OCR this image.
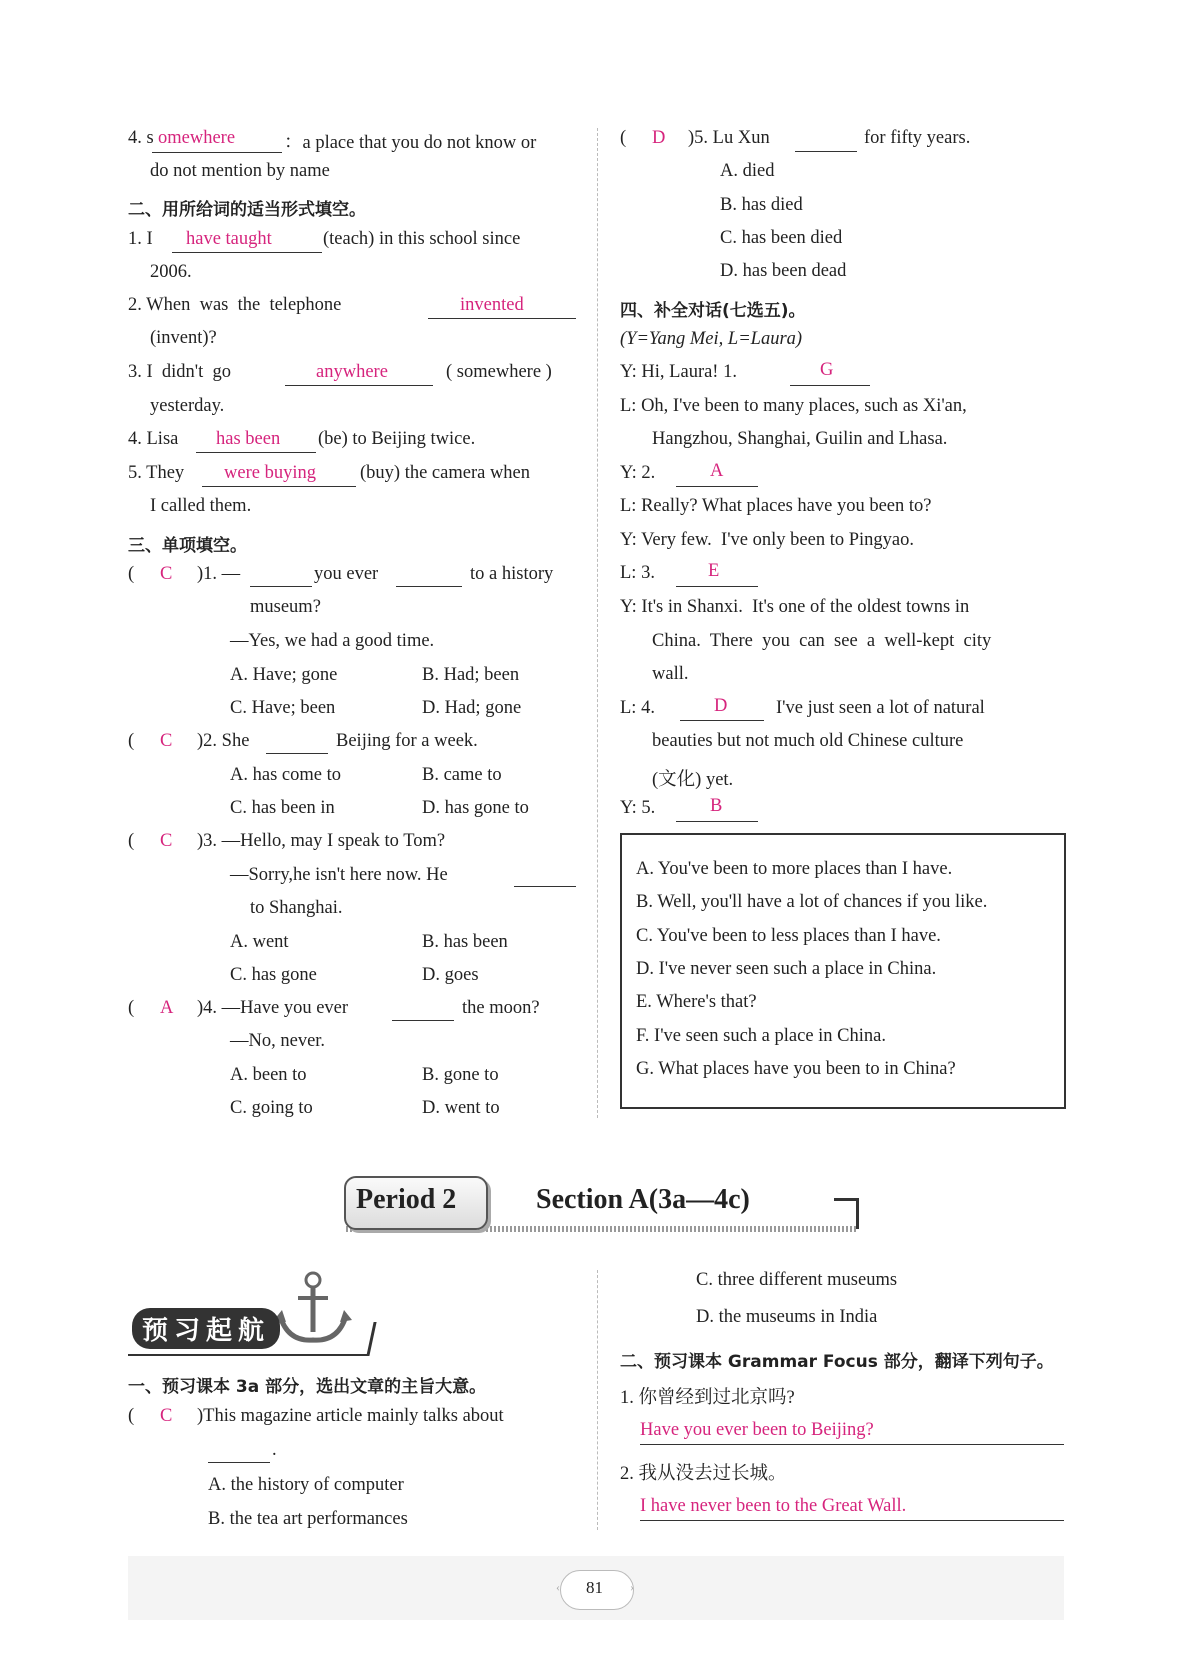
4. s omewhere	：a place that you do not know or
do not mention by name
二、用所给词的适当形式填空。
1. I have taught	(teach) in this school since
2006.
2. When  was  the  telephone	invented
(invent)?
3. I  didn't  go	anywhere	( somewhere )
yesterday.
4. Lisa has been (be) to Beijing twice.
5. They were buying (buy) the camera when
I called them.
三、单项填空。
( C )1. —	you ever	to a history
museum?
—Yes, we had a good time.
A. Have; gone	B. Had; been
C. Have; been	D. Had; gone
( C )2. She	Beijing for a week.
A. has come to	B. came to
C. has been in	D. has gone to
( C )3. —Hello, may I speak to Tom?
—Sorry,he isn't here now. He
to Shanghai.
A. went	B. has been
C. has gone	D. goes
( A )4. —Have you ever	the moon?
—No, never.
A. been to	B. gone to
C. going to	D. went to
( D )5. Lu Xun	for fifty years.
A. died
B. has died
C. has been died
D. has been dead
四、补全对话(七选五)。
(Y=Yang Mei, L=Laura)
Y: Hi, Laura! 1.	G
L: Oh, I've been to many places, such as Xi'an,
Hangzhou, Shanghai, Guilin and Lhasa.
Y: 2.	A
L: Really? What places have you been to?
Y: Very few.  I've only been to Pingyao.
L: 3.	E
Y: It's in Shanxi.  It's one of the oldest towns in
China.  There  you  can  see  a  well-kept  city
wall.
L: 4.	D	I've just seen a lot of natural
beauties but not much old Chinese culture
(文化) yet.
Y: 5.	B
A. You've been to more places than I have.
B. Well, you'll have a lot of chances if you like.
C. You've been to less places than I have.
D. I've never seen such a place in China.
E. Where's that?
F. I've seen such a place in China.
G. What places have you been to in China?
Period 2	Section A(3a—4c)
预习起航
一、预习课本 3a 部分，选出文章的主旨大意。
( C )This magazine article mainly talks about
.
A. the history of computer
B. the tea art performances
C. three different museums
D. the museums in India
二、预习课本 Grammar Focus 部分，翻译下列句子。
1. 你曾经到过北京吗?
Have you ever been to Beijing?
2. 我从没去过长城。
I have never been to the Great Wall.
‹	›
81
